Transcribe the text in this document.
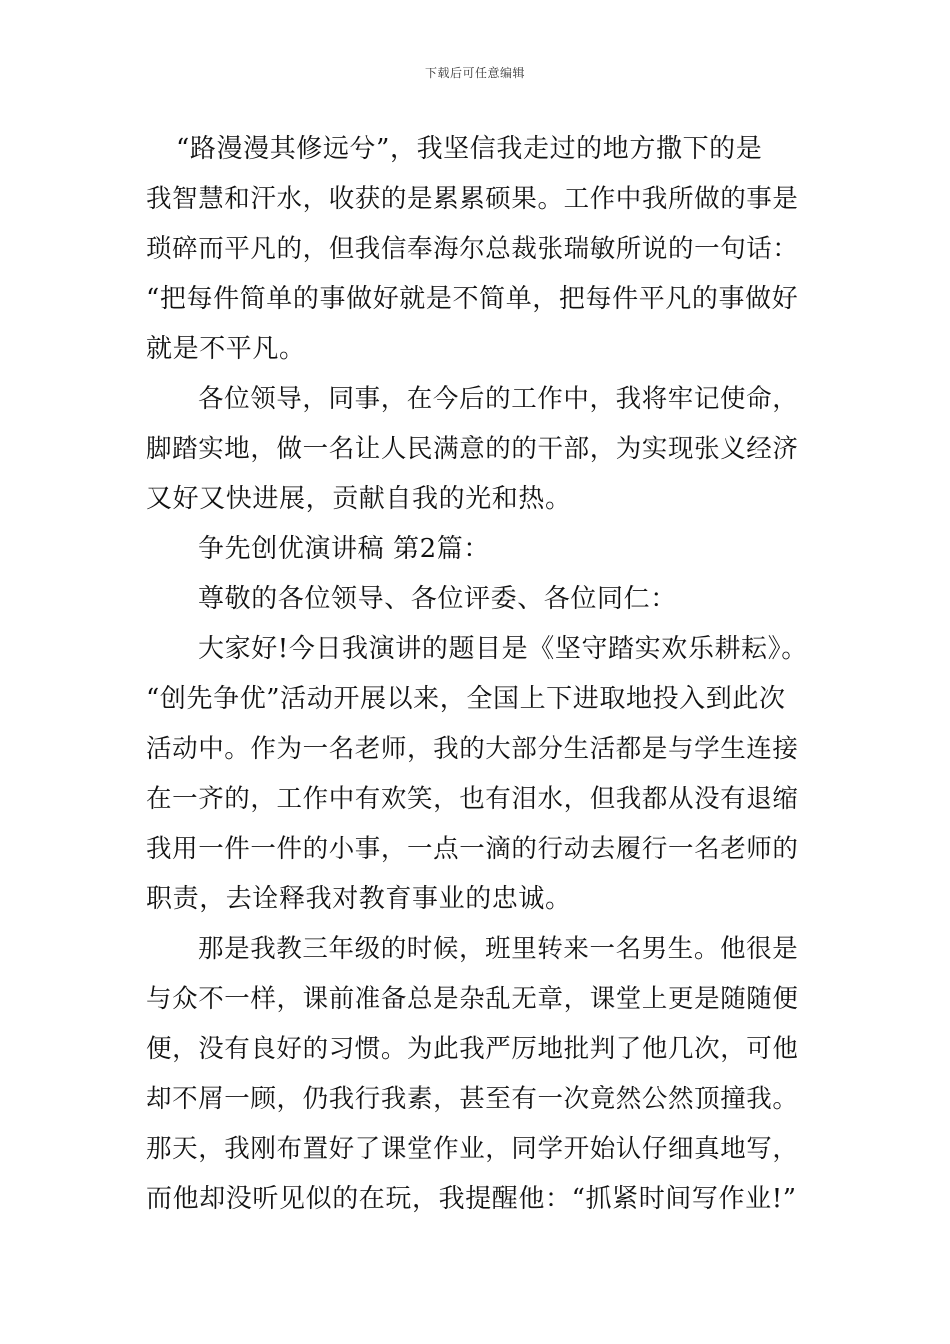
下载后可任意编辑
“路漫漫其修远兮”，我坚信我走过的地方撒下的是
我智慧和汗水，收获的是累累硕果。工作中我所做的事是
琐碎而平凡的，但我信奉海尔总裁张瑞敏所说的一句话：
“把每件简单的事做好就是不简单，把每件平凡的事做好
就是不平凡。
各位领导，同事，在今后的工作中，我将牢记使命，
脚踏实地，做一名让人民满意的的干部，为实现张义经济
又好又快进展，贡献自我的光和热。
争先创优演讲稿 第2篇：
尊敬的各位领导、各位评委、各位同仁：
大家好!今日我演讲的题目是《坚守踏实欢乐耕耘》。
“创先争优”活动开展以来，全国上下进取地投入到此次
活动中。作为一名老师，我的大部分生活都是与学生连接
在一齐的，工作中有欢笑，也有泪水，但我都从没有退缩
我用一件一件的小事，一点一滴的行动去履行一名老师的
职责，去诠释我对教育事业的忠诚。
那是我教三年级的时候，班里转来一名男生。他很是
与众不一样，课前准备总是杂乱无章，课堂上更是随随便
便，没有良好的习惯。为此我严厉地批判了他几次，可他
却不屑一顾，仍我行我素，甚至有一次竟然公然顶撞我。
那天，我刚布置好了课堂作业，同学开始认仔细真地写，
而他却没听见似的在玩，我提醒他：“抓紧时间写作业!”
